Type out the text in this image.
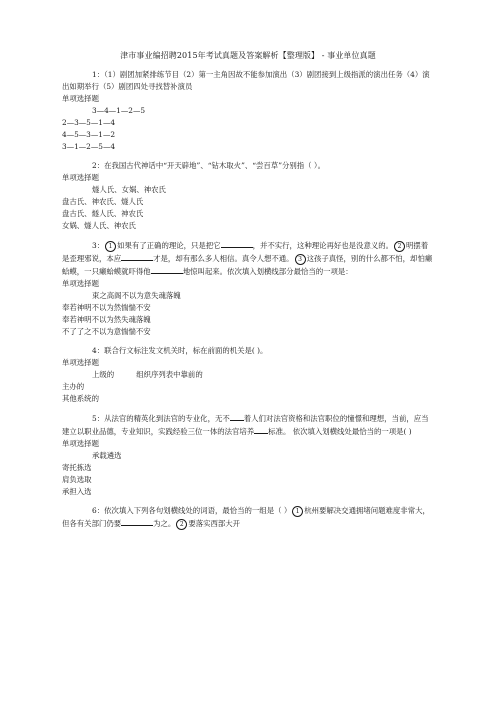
津市事业编招聘2015年考试真题及答案解析【整理版】 - 事业单位真题
1：（1）剧团加紧排练节目（2）第一主角因故不能参加演出（3）剧团接到上级指派的演出任务（4）演出如期举行（5）剧团四处寻找替补演员
单项选择题
3—4—1—2—5
2—3—5—1—4
4—5—3—1—2
3—1—2—5—4
2：在我国古代神话中“开天辟地”、“钻木取火”、“尝百草”分别指（ ）。
单项选择题
燧人氏、女娲、神农氏
盘古氏、神农氏、燧人氏
盘古氏、燧人氏、神农氏
女娲、燧人氏、神农氏
3： 1 如果有了正确的理论，只是把它	，并不实行，这种理论再好也是没意义的。 2 明摆着是歪理邪说，本应	才是，却有那么多人相信。真令人想不通。 3 这孩子真怪，别的什么都不怕，却怕癞蛤蟆，一只癞蛤蟆就吓得他	地惊叫起来。依次填入划横线部分最恰当的一项是：
单项选择题
束之高阁不以为意失魂落魄
奉若神明不以为然惴惴不安
奉若神明不以为然失魂落魄
不了了之不以为意惴惴不安
4：联合行文标注发文机关时，标在前面的机关是( )。
单项选择题
上级的	组织序列表中靠前的
主办的
其他系统的
5：从法官的精英化到法官的专业化，无不 着人们对法官资格和法官职位的憧憬和理想，当前，应当建立以职业品德，专业知识，实践经验三位一体的法官培养 标准。 依次填入划横线处最恰当的一项是( )
单项选择题
承载遴选
寄托拣选
肩负选取
承担入选
6：依次填入下列各句划横线处的词语，最恰当的一组是（ ） 1 杭州要解决交通拥堵问题难度非常大，但各有关部门仍要	为之。 2 要落实西部大开
